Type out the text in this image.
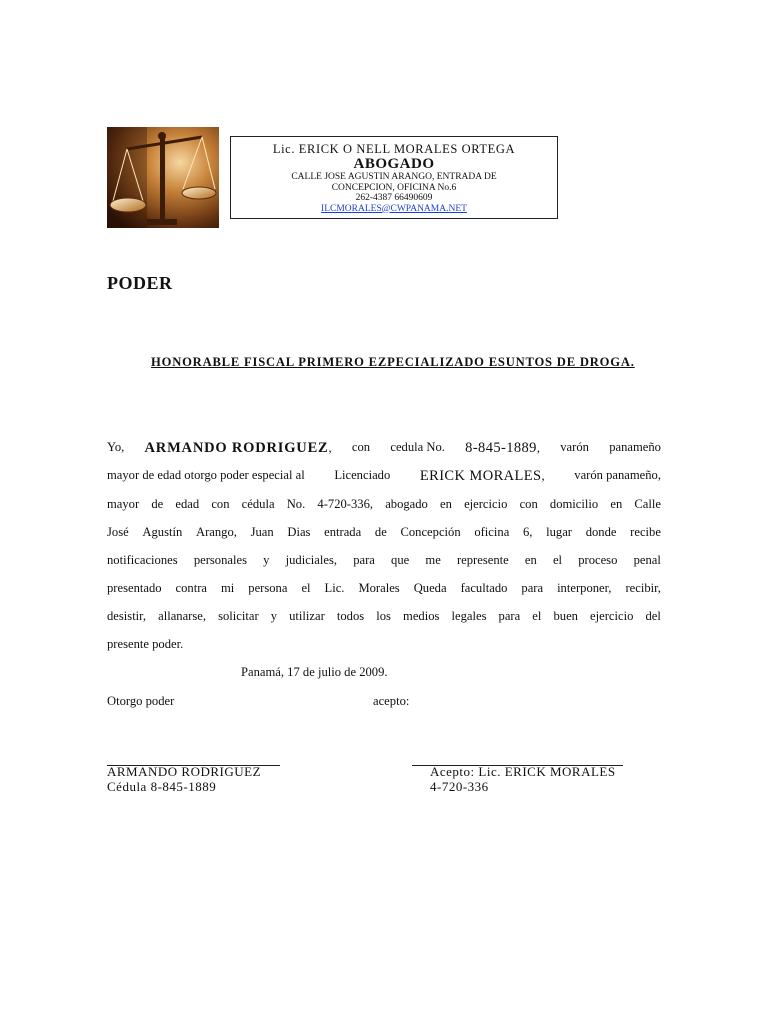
Lic. ERICK O NELL MORALES ORTEGA
ABOGADO
CALLE JOSE AGUSTIN ARANGO, ENTRADA DE
CONCEPCION, OFICINA No.6
262-4387 66490609
ILCMORALES@CWPANAMA.NET
PODER
HONORABLE FISCAL PRIMERO EZPECIALIZADO ESUNTOS DE DROGA.
Yo, ARMANDO RODRIGUEZ, con cedula No. 8-845-1889, varón panameño
mayor de edad otorgo poder especial al Licenciado ERICK MORALES, varón panameño,
mayor de edad con cédula No. 4-720-336, abogado en ejercicio con domicilio en Calle
José Agustín Arango, Juan Dias entrada de Concepción oficina 6, lugar donde recibe
notificaciones personales y judiciales, para que me represente en el proceso penal
presentado contra mi persona el Lic. Morales Queda facultado para interponer, recibir,
desistir, allanarse, solicitar y utilizar todos los medios legales para el buen ejercicio del
presente poder.
Panamá, 17 de julio de 2009.
Otorgo poder	acepto:
ARMANDO RODRIGUEZ
Cédula 8-845-1889
Acepto: Lic. ERICK MORALES
4-720-336
